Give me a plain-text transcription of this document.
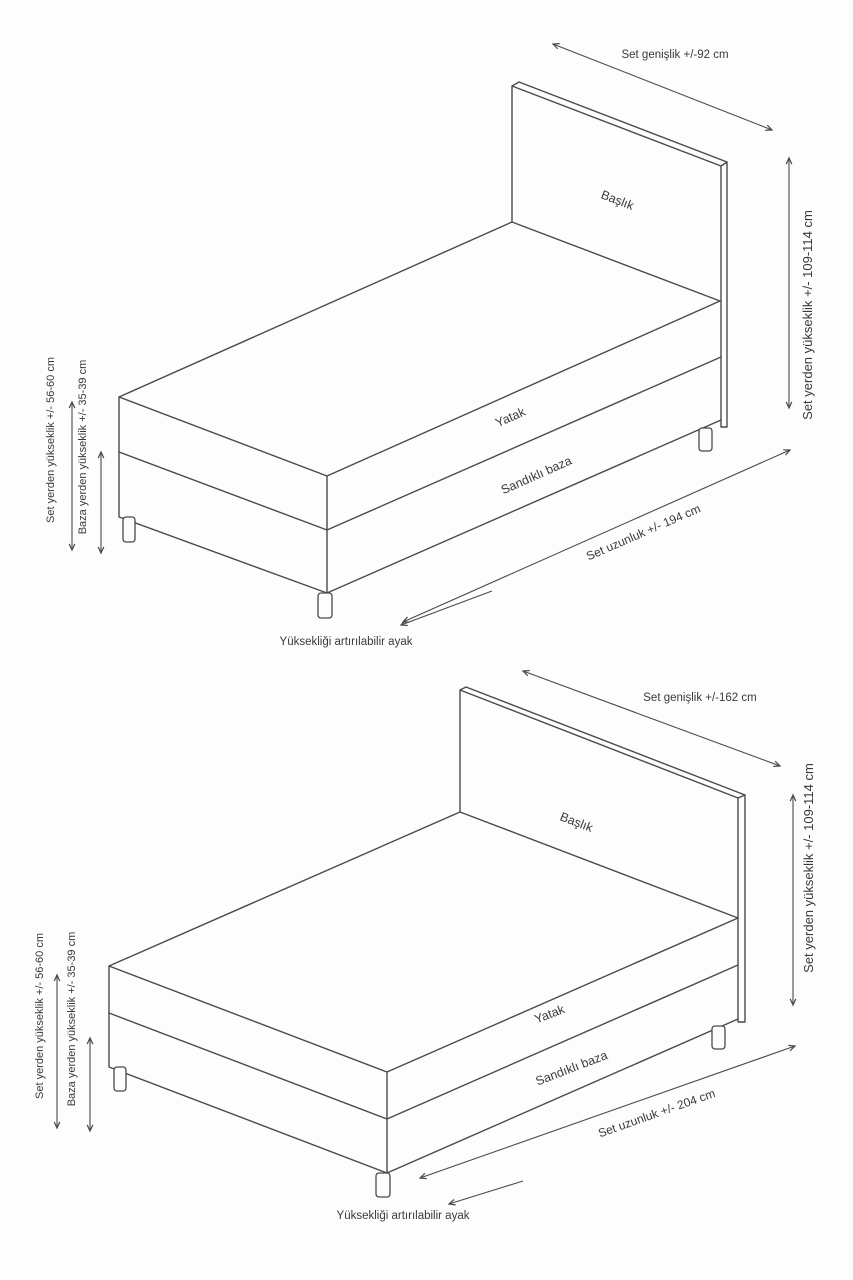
Set genişlik +/-92 cm
Set yerden yükseklik +/- 109-114 cm
Set yerden yükseklik +/- 56-60 cm Baza yerden yükseklik +/- 35-39 cm	Set uzunluk +/- 194 cm
Başlık
Yatak
Sandıklı baza
Yüksekliği artırılabilir ayak
Set genişlik +/-162 cm
Set yerden yükseklik +/- 109-114 cm
Set yerden yükseklik +/- 56-60 cm Baza yerden yükseklik +/- 35-39 cm
Set uzunluk +/- 204 cm
Başlık
Yatak
Sandıklı baza
Yüksekliği artırılabilir ayak
